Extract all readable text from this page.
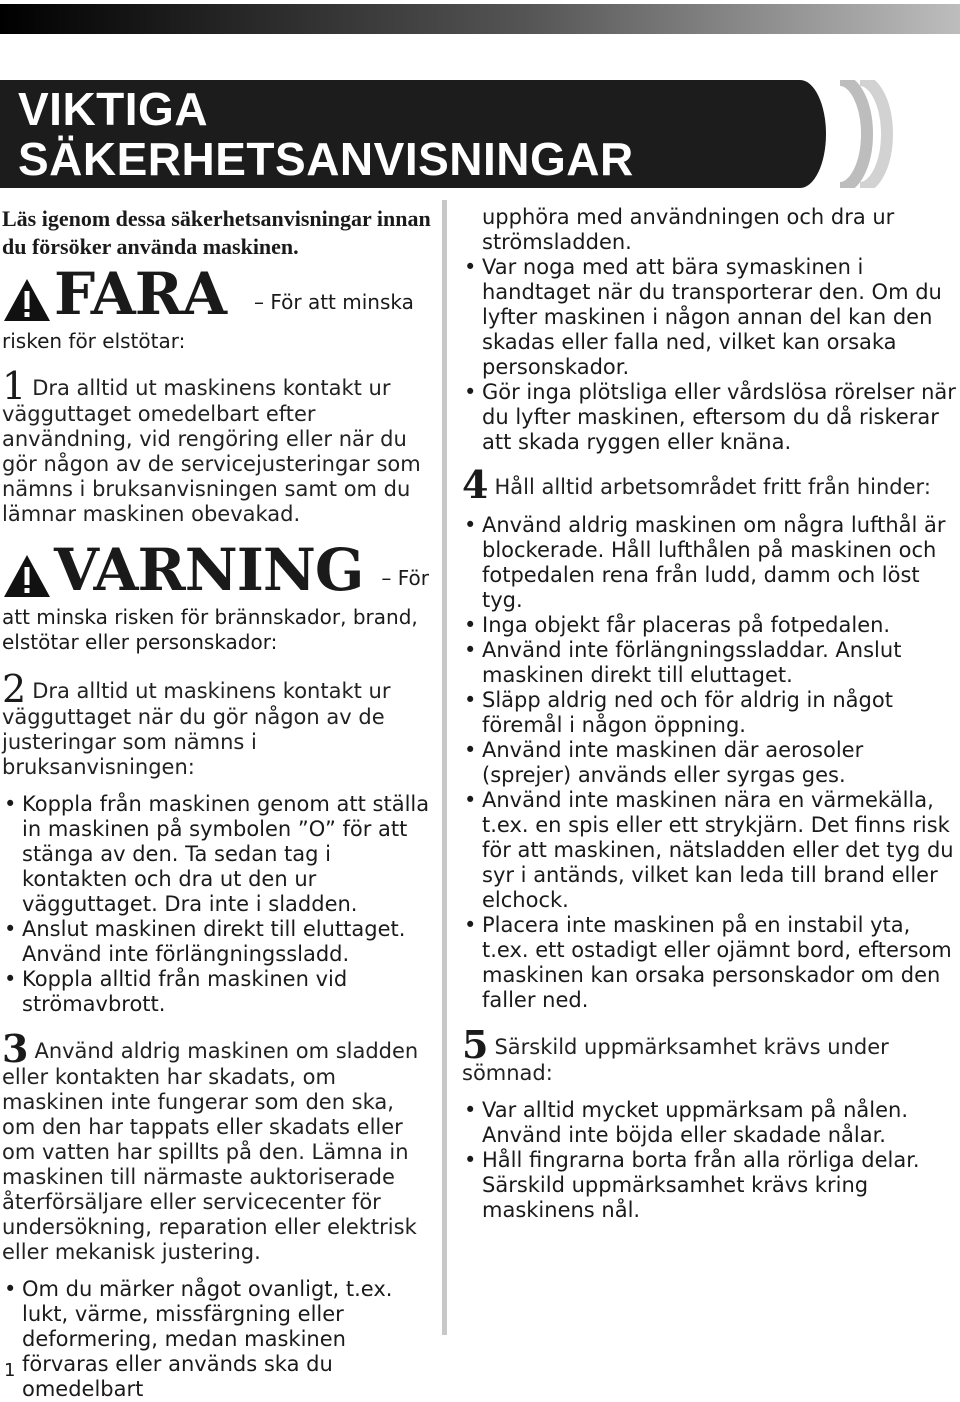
VIKTIGA
SÄKERHETSANVISNINGAR

Läs igenom dessa säkerhetsanvisningar innan du försöker använda maskinen.

FARA – För att minska
risken för elstötar:
1 Dra alltid ut maskinens kontakt ur vägguttaget omedelbart efter användning, vid rengöring eller när du gör någon av de servicejusteringar som nämns i bruksanvisningen samt om du lämnar maskinen obevakad.
VARNING – För
att minska risken för brännskador, brand, elstötar eller personskador:
2 Dra alltid ut maskinens kontakt ur vägguttaget när du gör någon av de justeringar som nämns i bruksanvisningen:
• Koppla från maskinen genom att ställa in maskinen på symbolen ”O” för att stänga av den. Ta sedan tag i kontakten och dra ut den ur vägguttaget. Dra inte i sladden.
• Anslut maskinen direkt till eluttaget. Använd inte förlängningssladd.
• Koppla alltid från maskinen vid strömavbrott.
3 Använd aldrig maskinen om sladden eller kontakten har skadats, om maskinen inte fungerar som den ska, om den har tappats eller skadats eller om vatten har spillts på den. Lämna in maskinen till närmaste auktoriserade återförsäljare eller servicecenter för undersökning, reparation eller elektrisk eller mekanisk justering.
• Om du märker något ovanligt, t.ex. lukt, värme, missfärgning eller deformering, medan maskinen förvaras eller används ska du omedelbart
upphöra med användningen och dra ur strömsladden.
• Var noga med att bära symaskinen i handtaget när du transporterar den. Om du lyfter maskinen i någon annan del kan den skadas eller falla ned, vilket kan orsaka personskador.
• Gör inga plötsliga eller vårdslösa rörelser när du lyfter maskinen, eftersom du då riskerar att skada ryggen eller knäna.
4 Håll alltid arbetsområdet fritt från hinder:
• Använd aldrig maskinen om några lufthål är blockerade. Håll lufthålen på maskinen och fotpedalen rena från ludd, damm och löst tyg.
• Inga objekt får placeras på fotpedalen.
• Använd inte förlängningssladdar. Anslut maskinen direkt till eluttaget.
• Släpp aldrig ned och för aldrig in något föremål i någon öppning.
• Använd inte maskinen där aerosoler (sprejer) används eller syrgas ges.
• Använd inte maskinen nära en värmekälla, t.ex. en spis eller ett strykjärn. Det finns risk för att maskinen, nätsladden eller det tyg du syr i antänds, vilket kan leda till brand eller elchock.
• Placera inte maskinen på en instabil yta, t.ex. ett ostadigt eller ojämnt bord, eftersom maskinen kan orsaka personskador om den faller ned.
5 Särskild uppmärksamhet krävs under sömnad:
• Var alltid mycket uppmärksam på nålen. Använd inte böjda eller skadade nålar.
• Håll fingrarna borta från alla rörliga delar. Särskild uppmärksamhet krävs kring maskinens nål.
1
